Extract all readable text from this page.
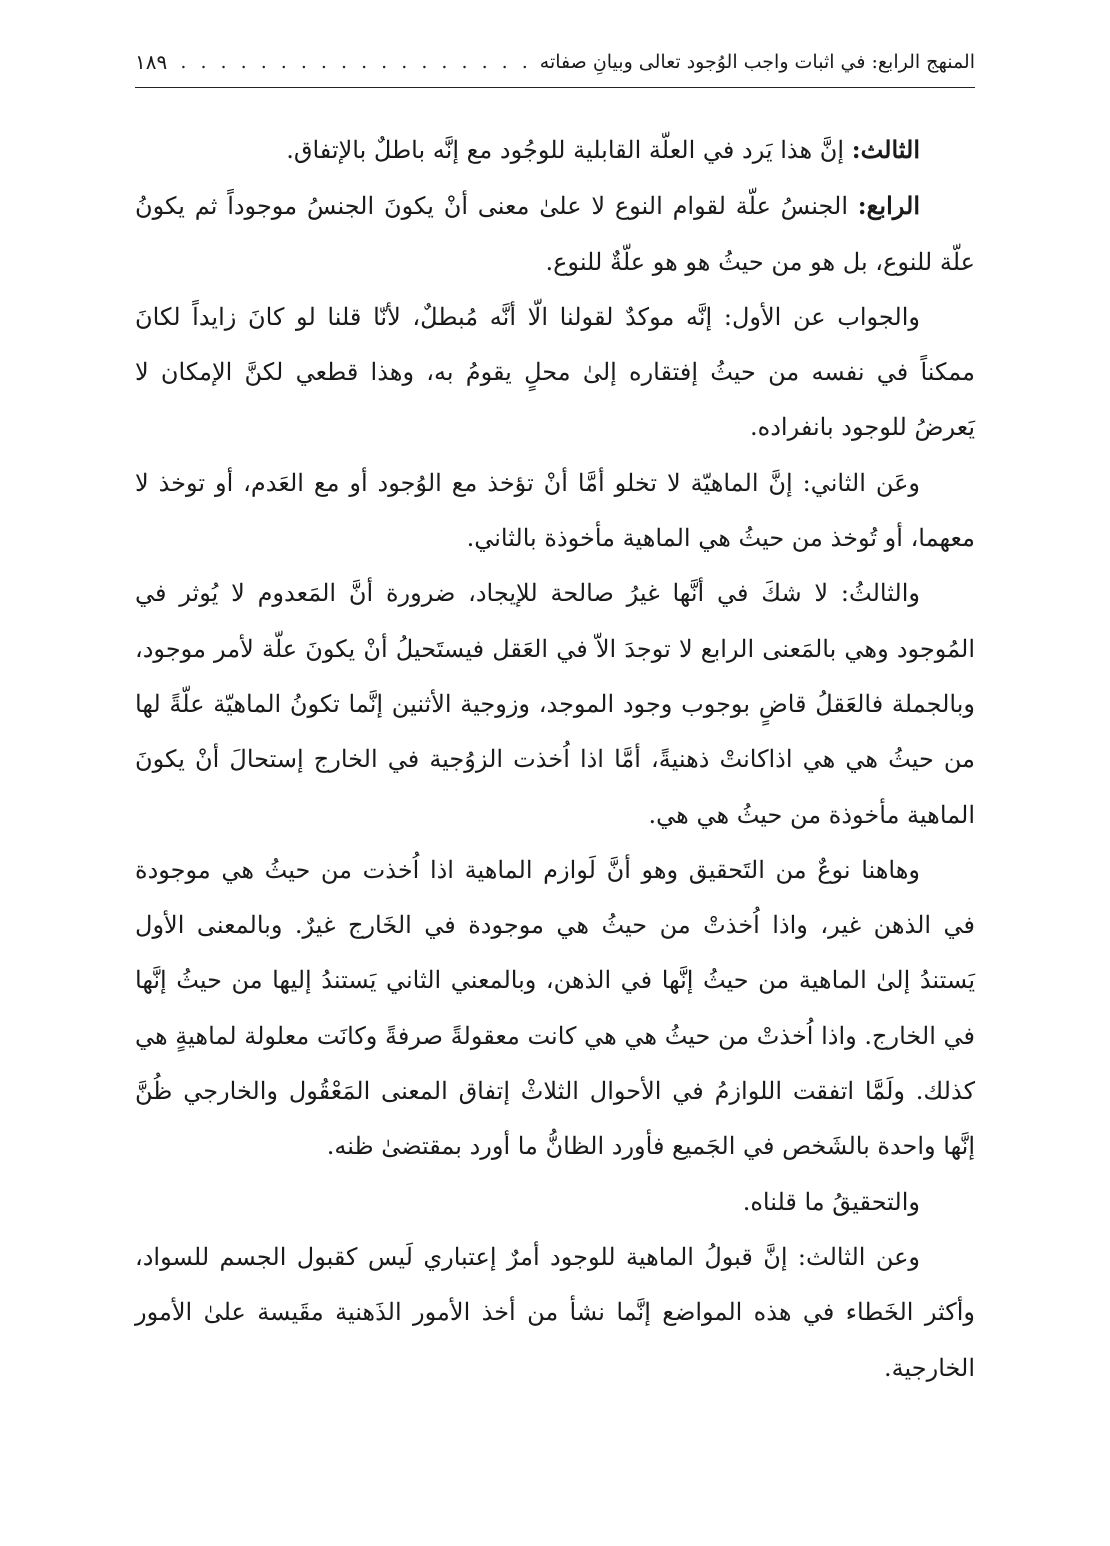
المنهج الرابع: في اثبات واجب الوُجود تعالى وبيانِ صفاته
. . .
١٨٩

الثالث: إنَّ هذا يَرد في العلّة القابلية للوجُود مع إنَّه باطلٌ بالإتفاق.

الرابع: الجنسُ علّة لقوام النوع لا علىٰ معنى أنْ يكونَ الجنسُ موجوداً ثم يكونُ علّة للنوع، بل هو من حيثُ هو هو علّةٌ للنوع.

والجواب عن الأول: إنَّه موكدٌ لقولنا الّا أنَّه مُبطلٌ، لأنّا قلنا لو كانَ زايداً لكانَ ممكناً في نفسه من حيثُ إفتقاره إلىٰ محلٍ يقومُ به، وهذا قطعي لكنَّ الإمكان لا يَعرضُ للوجود بانفراده.

وعَن الثاني: إنَّ الماهيّة لا تخلو أمَّا أنْ تؤخذ مع الوُجود أو مع العَدم، أو توخذ لا معهما، أو تُوخذ من حيثُ هي الماهية مأخوذة بالثاني.

والثالثُ: لا شكَ في أنَّها غيرُ صالحة للإيجاد، ضرورة أنَّ المَعدوم لا يُوثر في المُوجود وهي بالمَعنى الرابع لا توجدَ الاّ في العَقل فيستَحيلُ أنْ يكونَ علّة لأمر موجود، وبالجملة فالعَقلُ قاضٍ بوجوب وجود الموجد، وزوجية الأثنين إنَّما تكونُ الماهيّة علّةً لها من حيثُ هي هي اذاكانتْ ذهنيةً، أمَّا اذا اُخذت الزوُجية في الخارج إستحالَ أنْ يكونَ الماهية مأخوذة من حيثُ هي هي.

وهاهنا نوعٌ من التَحقيق وهو أنَّ لَوازم الماهية اذا اُخذت من حيثُ هي موجودة في الذهن غير، واذا اُخذتْ من حيثُ هي موجودة في الخَارج غيرٌ. وبالمعنى الأول يَستندُ إلىٰ الماهية من حيثُ إنَّها في الذهن، وبالمعني الثاني يَستندُ إليها من حيثُ إنَّها في الخارج. واذا اُخذتْ من حيثُ هي هي كانت معقولةً صرفةً وكانَت معلولة لماهيةٍ هي كذلك. ولَمَّا اتفقت اللوازمُ في الأحوال الثلاثْ إتفاق المعنى المَعْقُول والخارجي ظُنَّ إنَّها واحدة بالشَخص في الجَميع فأورد الظانُّ ما أورد بمقتضىٰ ظنه.

والتحقيقُ ما قلناه.

وعن الثالث: إنَّ قبولُ الماهية للوجود أمرٌ إعتباري لَيس كقبول الجسم للسواد، وأكثر الخَطاء في هذه المواضع إنَّما نشأ من أخذ الأمور الذَهنية مقَيسة علىٰ الأمور الخارجية.
